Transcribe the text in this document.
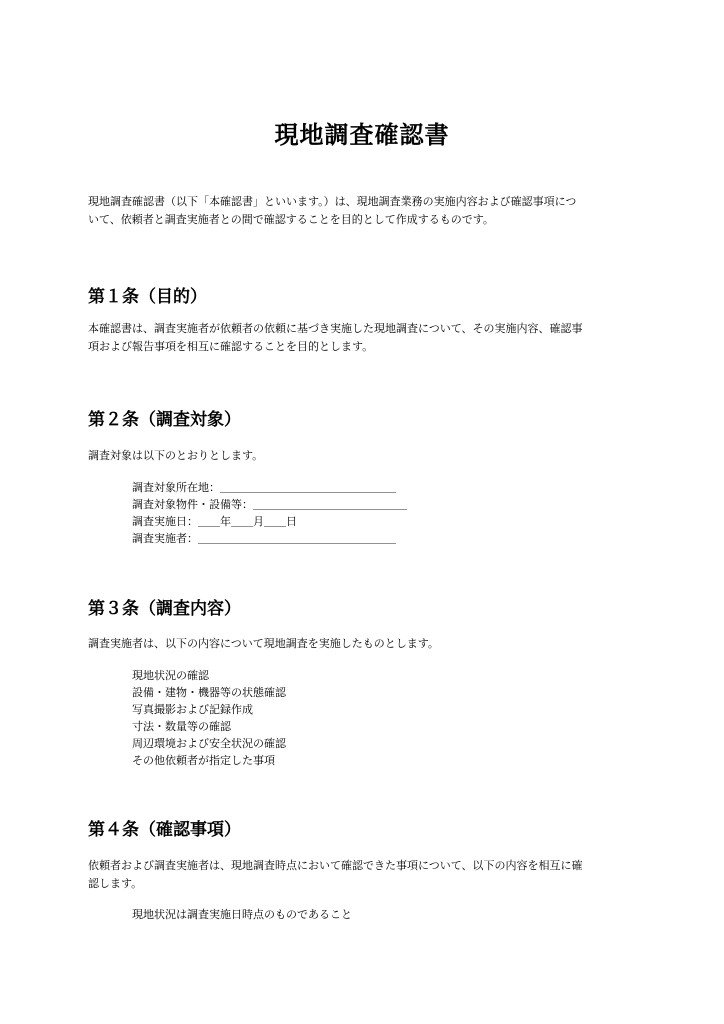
現地調査確認書

現地調査確認書（以下「本確認書」といいます。）は、現地調査業務の実施内容および確認事項につ
いて、依頼者と調査実施者との間で確認することを目的として作成するものです。

第１条（目的）

本確認書は、調査実施者が依頼者の依頼に基づき実施した現地調査について、その実施内容、確認事
項および報告事項を相互に確認することを目的とします。

第２条（調査対象）

調査対象は以下のとおりとします。

調査対象所在地：＿＿＿＿＿＿＿＿＿＿＿＿＿＿＿＿
調査対象物件・設備等：＿＿＿＿＿＿＿＿＿＿＿＿＿＿
調査実施日：＿＿年＿＿月＿＿日
調査実施者：＿＿＿＿＿＿＿＿＿＿＿＿＿＿＿＿＿＿
第３条（調査内容）

調査実施者は、以下の内容について現地調査を実施したものとします。

現地状況の確認
設備・建物・機器等の状態確認
写真撮影および記録作成
寸法・数量等の確認
周辺環境および安全状況の確認
その他依頼者が指定した事項
第４条（確認事項）

依頼者および調査実施者は、現地調査時点において確認できた事項について、以下の内容を相互に確
認します。

現地状況は調査実施日時点のものであること
